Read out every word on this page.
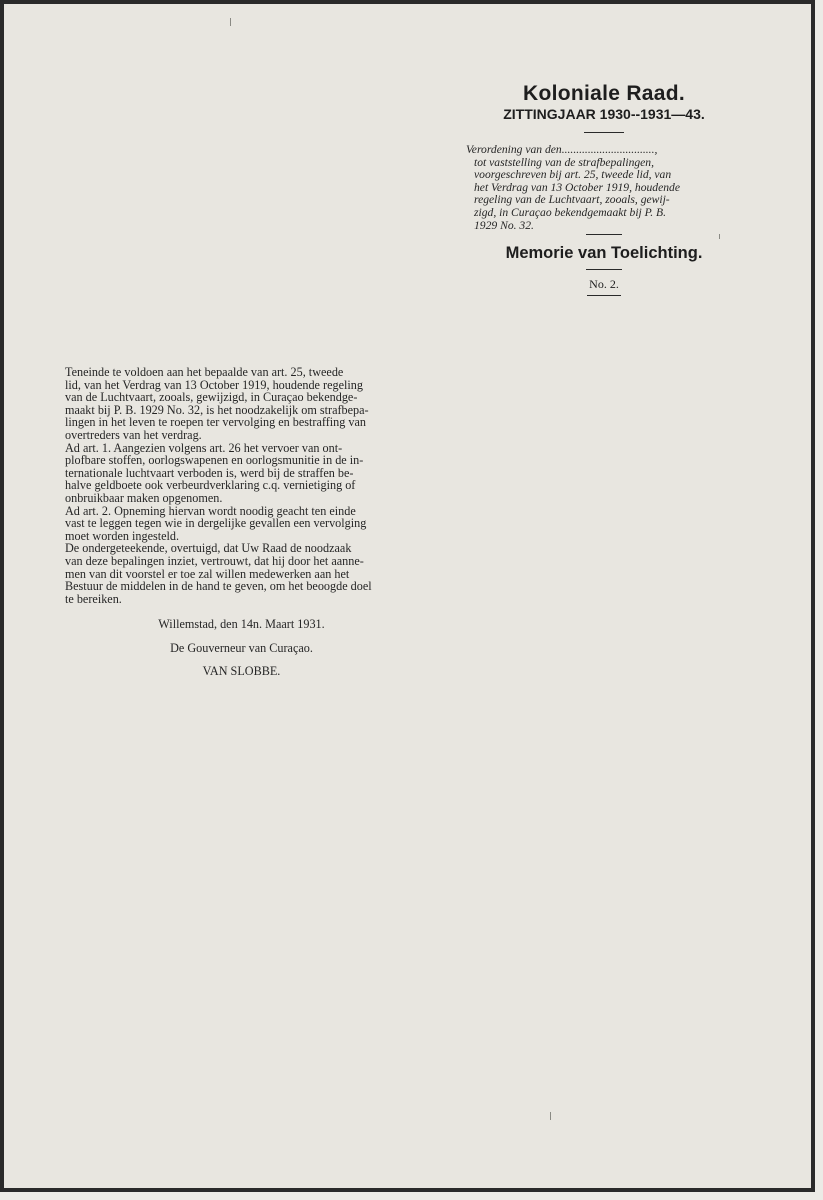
Koloniale Raad.
ZITTINGJAAR 1930--1931—43.
Verordening van den................................,
tot vaststelling van de strafbepalingen,
voorgeschreven bij art. 25, tweede lid, van
het Verdrag van 13 October 1919, houdende
regeling van de Luchtvaart, zooals, gewij-
zigd, in Curaçao bekendgemaakt bij P. B.
1929 No. 32.
Memorie van Toelichting.
No. 2.

Teneinde te voldoen aan het bepaalde van art. 25, tweede

lid, van het Verdrag van 13 October 1919, houdende regeling

van de Luchtvaart, zooals, gewijzigd, in Curaçao bekendge-

maakt bij P. B. 1929 No. 32, is het noodzakelijk om strafbepa-

lingen in het leven te roepen ter vervolging en bestraffing van

overtreders van het verdrag.

Ad art. 1. Aangezien volgens art. 26 het vervoer van ont-

plofbare stoffen, oorlogswapenen en oorlogsmunitie in de in-

ternationale luchtvaart verboden is, werd bij de straffen be-

halve geldboete ook verbeurdverklaring c.q. vernietiging of

onbruikbaar maken opgenomen.

Ad art. 2. Opneming hiervan wordt noodig geacht ten einde

vast te leggen tegen wie in dergelijke gevallen een vervolging

moet worden ingesteld.

De ondergeteekende, overtuigd, dat Uw Raad de noodzaak

van deze bepalingen inziet, vertrouwt, dat hij door het aanne-

men van dit voorstel er toe zal willen medewerken aan het

Bestuur de middelen in de hand te geven, om het beoogde doel

te bereiken.

Willemstad, den 14n. Maart 1931.
De Gouverneur van Curaçao.
VAN SLOBBE.
